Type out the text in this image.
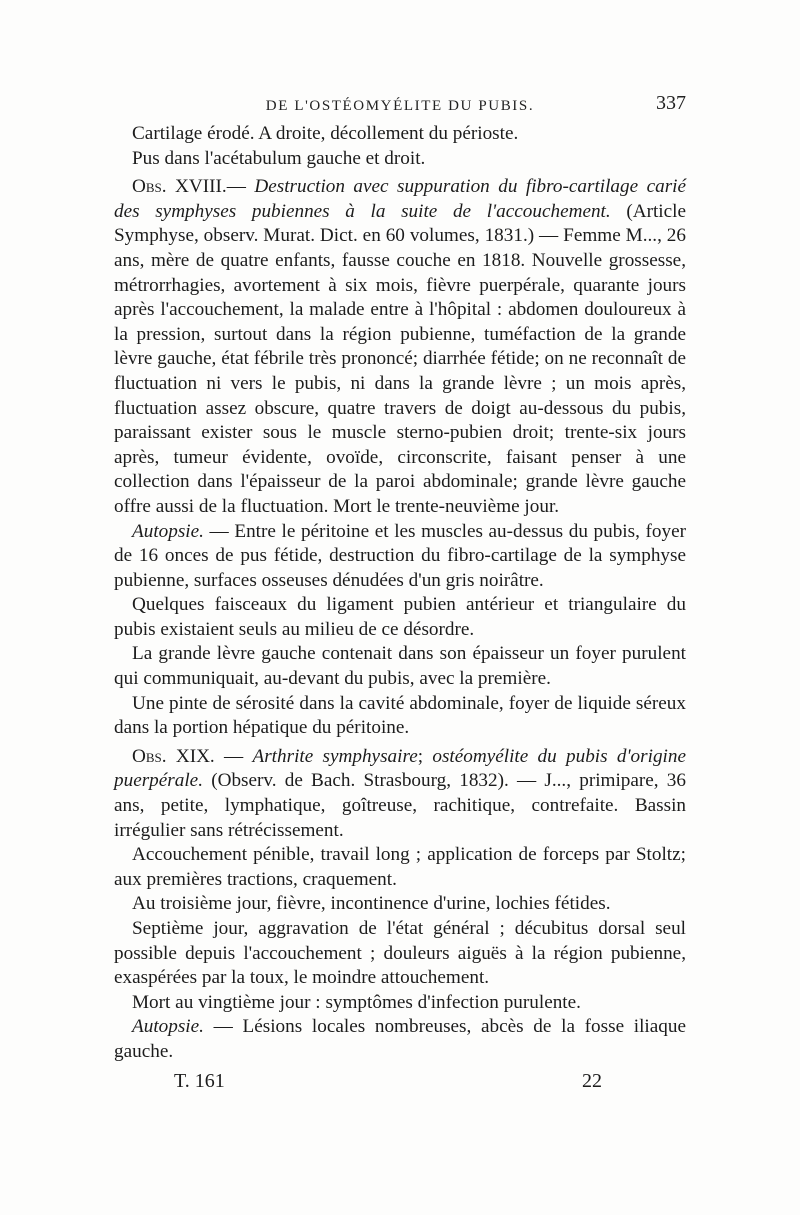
DE L'OSTÉOMYÉLITE DU PUBIS.	337

Cartilage érodé. A droite, décollement du périoste.

Pus dans l'acétabulum gauche et droit.

Obs. XVIII.— Destruction avec suppuration du fibro-cartilage carié des symphyses pubiennes à la suite de l'accouchement. (Article Symphyse, observ. Murat. Dict. en 60 volumes, 1831.) — Femme M..., 26 ans, mère de quatre enfants, fausse couche en 1818. Nouvelle grossesse, métrorrhagies, avortement à six mois, fièvre puerpérale, quarante jours après l'accouchement, la malade entre à l'hôpital : abdomen douloureux à la pression, surtout dans la région pubienne, tuméfaction de la grande lèvre gauche, état fébrile très prononcé; diarrhée fétide; on ne reconnaît de fluctuation ni vers le pubis, ni dans la grande lèvre ; un mois après, fluctuation assez obscure, quatre travers de doigt au-dessous du pubis, paraissant exister sous le muscle sterno-pubien droit; trente-six jours après, tumeur évidente, ovoïde, circonscrite, faisant penser à une collection dans l'épaisseur de la paroi abdominale; grande lèvre gauche offre aussi de la fluctuation. Mort le trente-neuvième jour.

Autopsie. — Entre le péritoine et les muscles au-dessus du pubis, foyer de 16 onces de pus fétide, destruction du fibro-cartilage de la symphyse pubienne, surfaces osseuses dénudées d'un gris noirâtre.

Quelques faisceaux du ligament pubien antérieur et triangulaire du pubis existaient seuls au milieu de ce désordre.

La grande lèvre gauche contenait dans son épaisseur un foyer purulent qui communiquait, au-devant du pubis, avec la première.

Une pinte de sérosité dans la cavité abdominale, foyer de liquide séreux dans la portion hépatique du péritoine.

Obs. XIX. — Arthrite symphysaire; ostéomyélite du pubis d'origine puerpérale. (Observ. de Bach. Strasbourg, 1832). — J..., primipare, 36 ans, petite, lymphatique, goîtreuse, rachitique, contrefaite. Bassin irrégulier sans rétrécissement.

Accouchement pénible, travail long ; application de forceps par Stoltz; aux premières tractions, craquement.

Au troisième jour, fièvre, incontinence d'urine, lochies fétides.

Septième jour, aggravation de l'état général ; décubitus dorsal seul possible depuis l'accouchement ; douleurs aiguës à la région pubienne, exaspérées par la toux, le moindre attouchement.

Mort au vingtième jour : symptômes d'infection purulente.

Autopsie. — Lésions locales nombreuses, abcès de la fosse iliaque gauche.

T. 161	22
